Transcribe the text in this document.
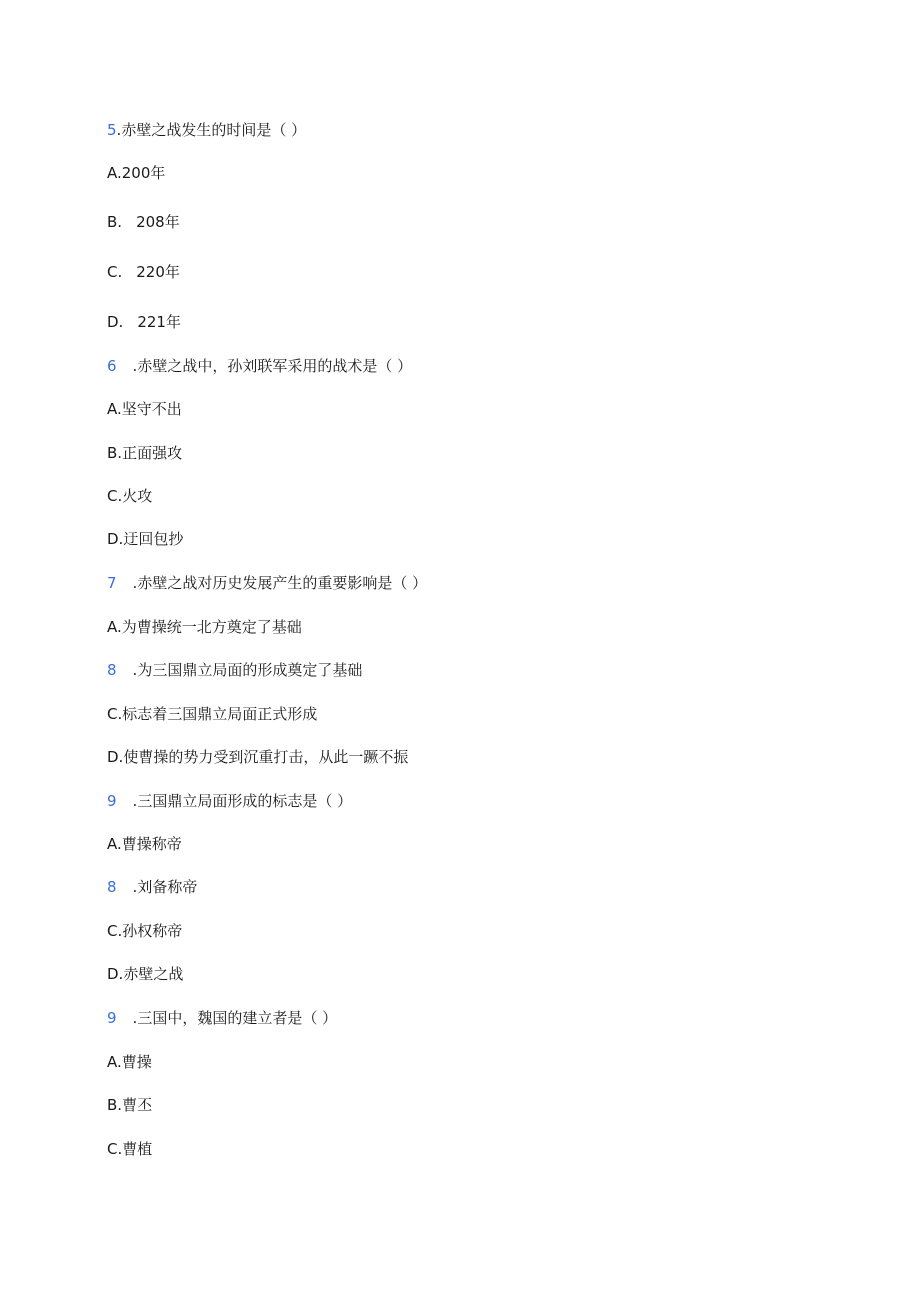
5.赤壁之战发生的时间是（ ）
A.200年
B. 208年
C. 220年
D. 221年
6 .赤壁之战中，孙刘联军采用的战术是（ ）
A.坚守不出
B.正面强攻
C.火攻
D.迂回包抄
7 .赤壁之战对历史发展产生的重要影响是（ ）
A.为曹操统一北方奠定了基础
8 .为三国鼎立局面的形成奠定了基础
C.标志着三国鼎立局面正式形成
D.使曹操的势力受到沉重打击，从此一蹶不振
9 .三国鼎立局面形成的标志是（ ）
A.曹操称帝
8 .刘备称帝
C.孙权称帝
D.赤壁之战
9 .三国中，魏国的建立者是（ ）
A.曹操
B.曹丕
C.曹植
